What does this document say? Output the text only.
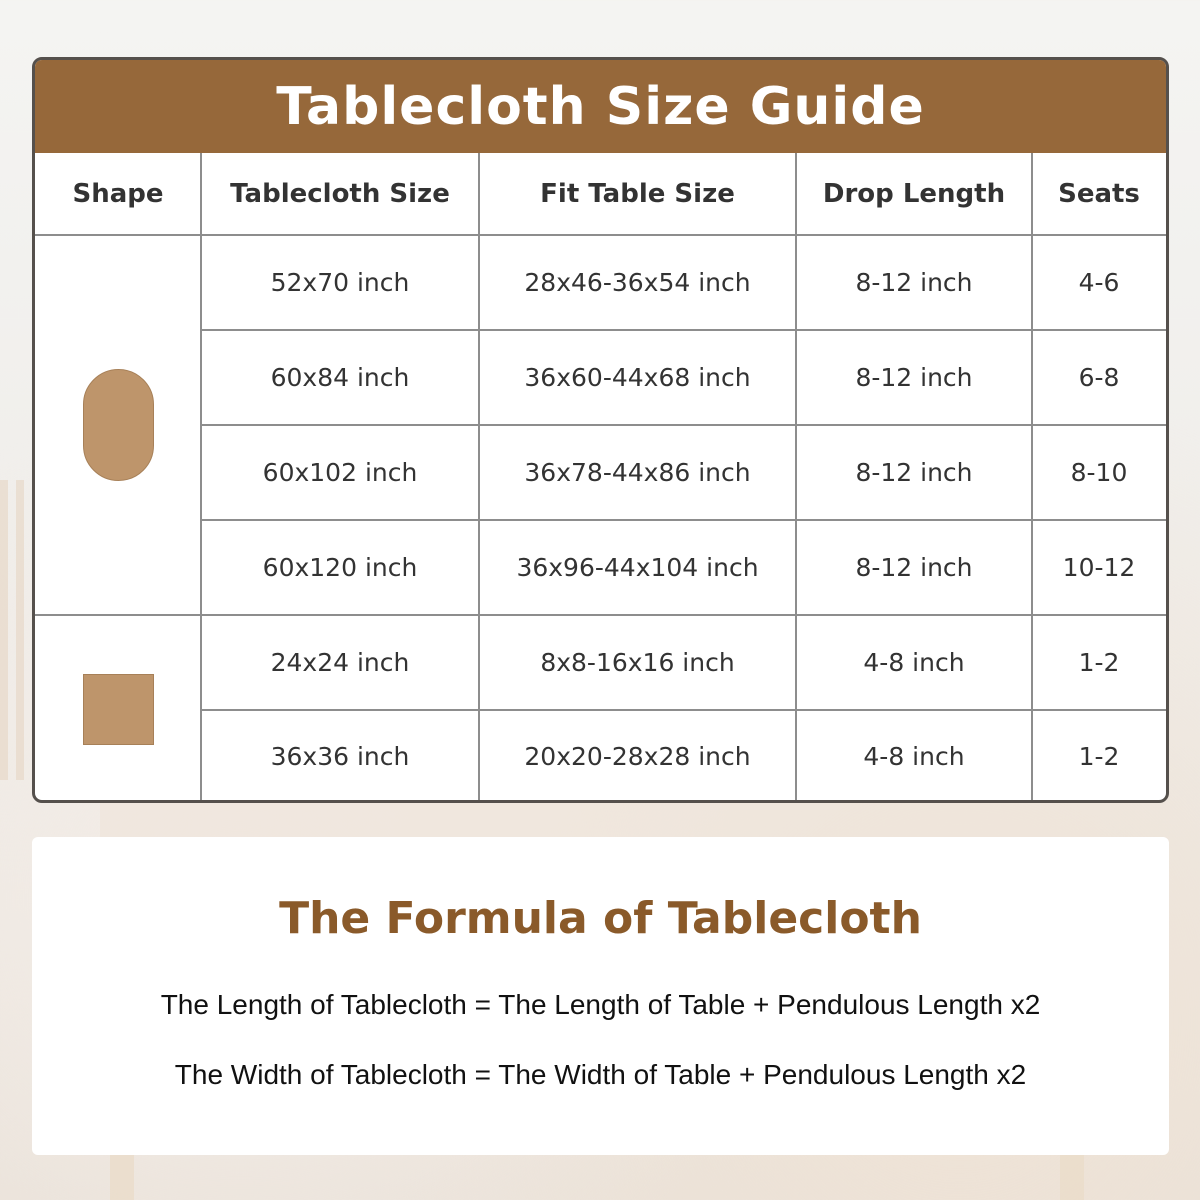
Tablecloth Size Guide
Shape	Tablecloth Size	Fit Table Size	Drop Length	Seats
52x70 inch	28x46-36x54 inch	8-12 inch	4-6
60x84 inch	36x60-44x68 inch	8-12 inch	6-8
60x102 inch	36x78-44x86 inch	8-12 inch	8-10
60x120 inch	36x96-44x104 inch	8-12 inch	10-12
24x24 inch	8x8-16x16 inch	4-8 inch	1-2
36x36 inch	20x20-28x28 inch	4-8 inch	1-2
The Formula of Tablecloth
The Length of Tablecloth = The Length of Table + Pendulous Length x2
The Width of Tablecloth = The Width of Table + Pendulous Length x2
